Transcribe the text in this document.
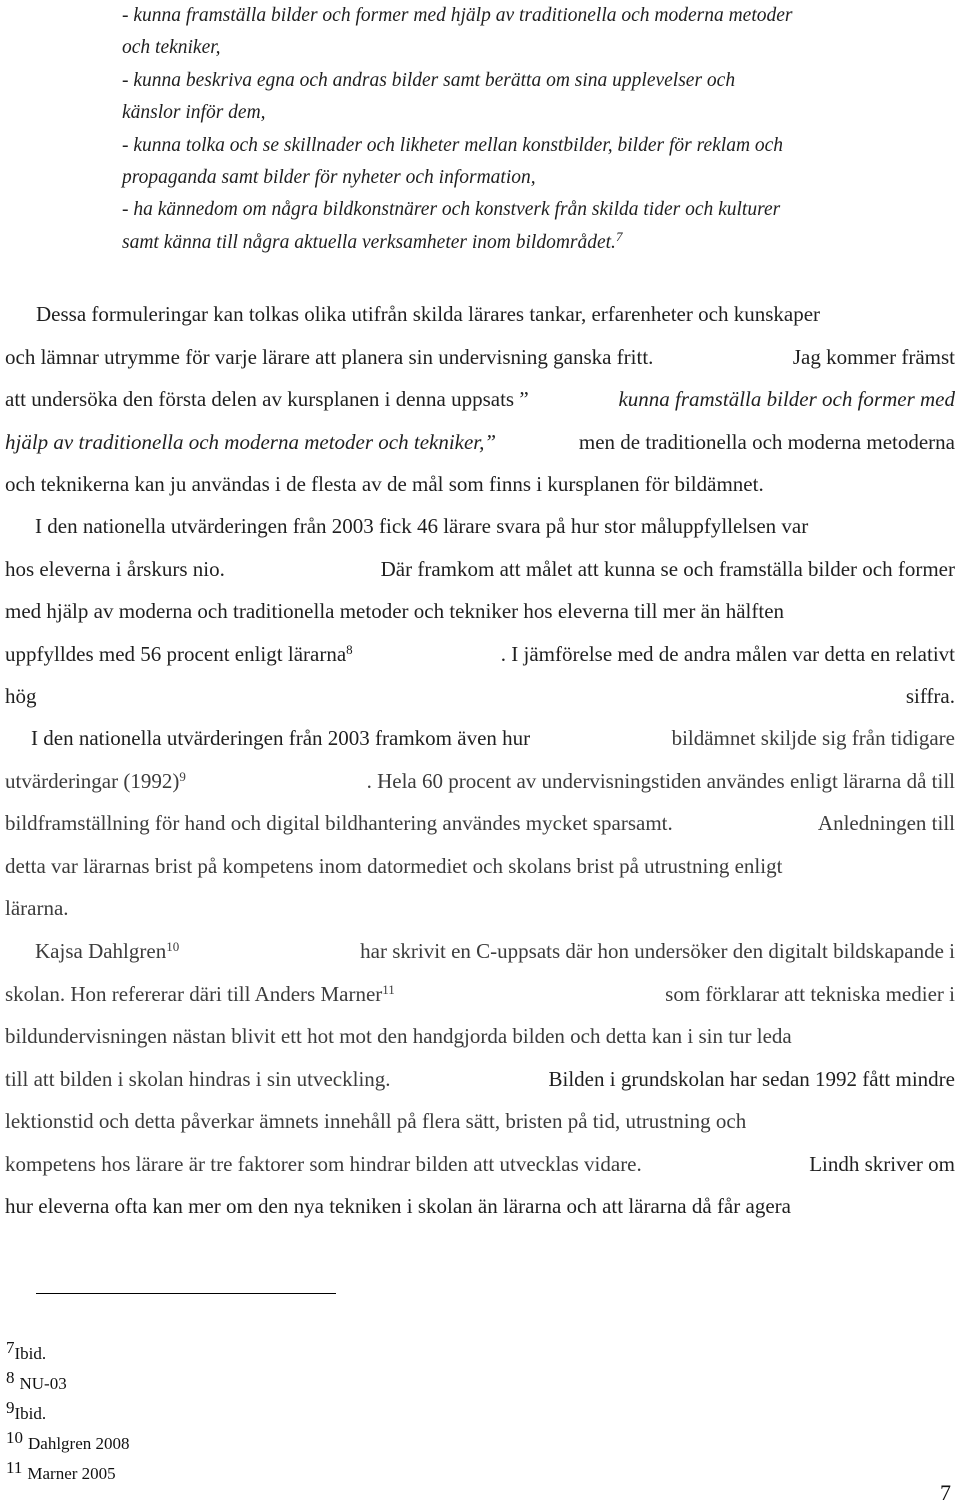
- kunna framställa bilder och former med hjälp av traditionella och moderna metoder
och tekniker,
- kunna beskriva egna och andras bilder samt berätta om sina upplevelser och
känslor inför dem,
- kunna tolka och se skillnader och likheter mellan konstbilder, bilder för reklam och
propaganda samt bilder för nyheter och information,
- ha kännedom om några bildkonstnärer och konstverk från skilda tider och kulturer
samt känna till några aktuella verksamheter inom bildområdet.$^7$
Dessa formuleringar kan tolkas olika utifrån skilda lärares tankar, erfarenheter och kunskaper
och lämnar utrymme för varje lärare att planera sin undervisning ganska fritt.	Jag kommer främst
att undersöka den första delen av kursplanen i denna uppsats ”	kunna framställa bilder och former med
hjälp av traditionella och moderna metoder och tekniker,”	men de traditionella och moderna metoderna
och teknikerna kan ju användas i de flesta av de mål som finns i kursplanen för bildämnet.
I den nationella utvärderingen från 2003 fick 46 lärare svara på hur stor måluppfyllelsen var
hos eleverna i årskurs nio.	Där framkom att målet att kunna se och framställa bilder och former
med hjälp av moderna och traditionella metoder och tekniker hos eleverna till mer än hälften
uppfylldes med 56 procent enligt lärarna$^8$	. I jämförelse med de andra målen var detta en relativt
hög	siffra.
I den nationella utvärderingen från 2003 framkom även hur	bildämnet skiljde sig från tidigare
utvärderingar $(1992)^9$	. Hela 60 procent av undervisningstiden användes enligt lärarna då till
bildframställning för hand och digital bildhantering användes mycket sparsamt.	Anledningen till
detta var lärarnas brist på kompetens inom datormediet och skolans brist på utrustning enligt
lärarna.
Kajsa Dahlgren$^{10}$	har skrivit en C-uppsats där hon undersöker den digitalt bildskapande i
skolan. Hon refererar däri till Anders Marner$^{11}$	som förklarar att tekniska medier i
bildundervisningen nästan blivit ett hot mot den handgjorda bilden och detta kan i sin tur leda
till att bilden i skolan hindras i sin utveckling.	Bilden i grundskolan har sedan 1992 fått mindre
lektionstid och detta påverkar ämnets innehåll på flera sätt, bristen på tid, utrustning och
kompetens hos lärare är tre faktorer som hindrar bilden att utvecklas vidare.	Lindh skriver om
hur eleverna ofta kan mer om den nya tekniken i skolan än lärarna och att lärarna då får agera
7Ibid.
8 NU-03
9Ibid.
10 Dahlgren 2008
11 Marner 2005
7
